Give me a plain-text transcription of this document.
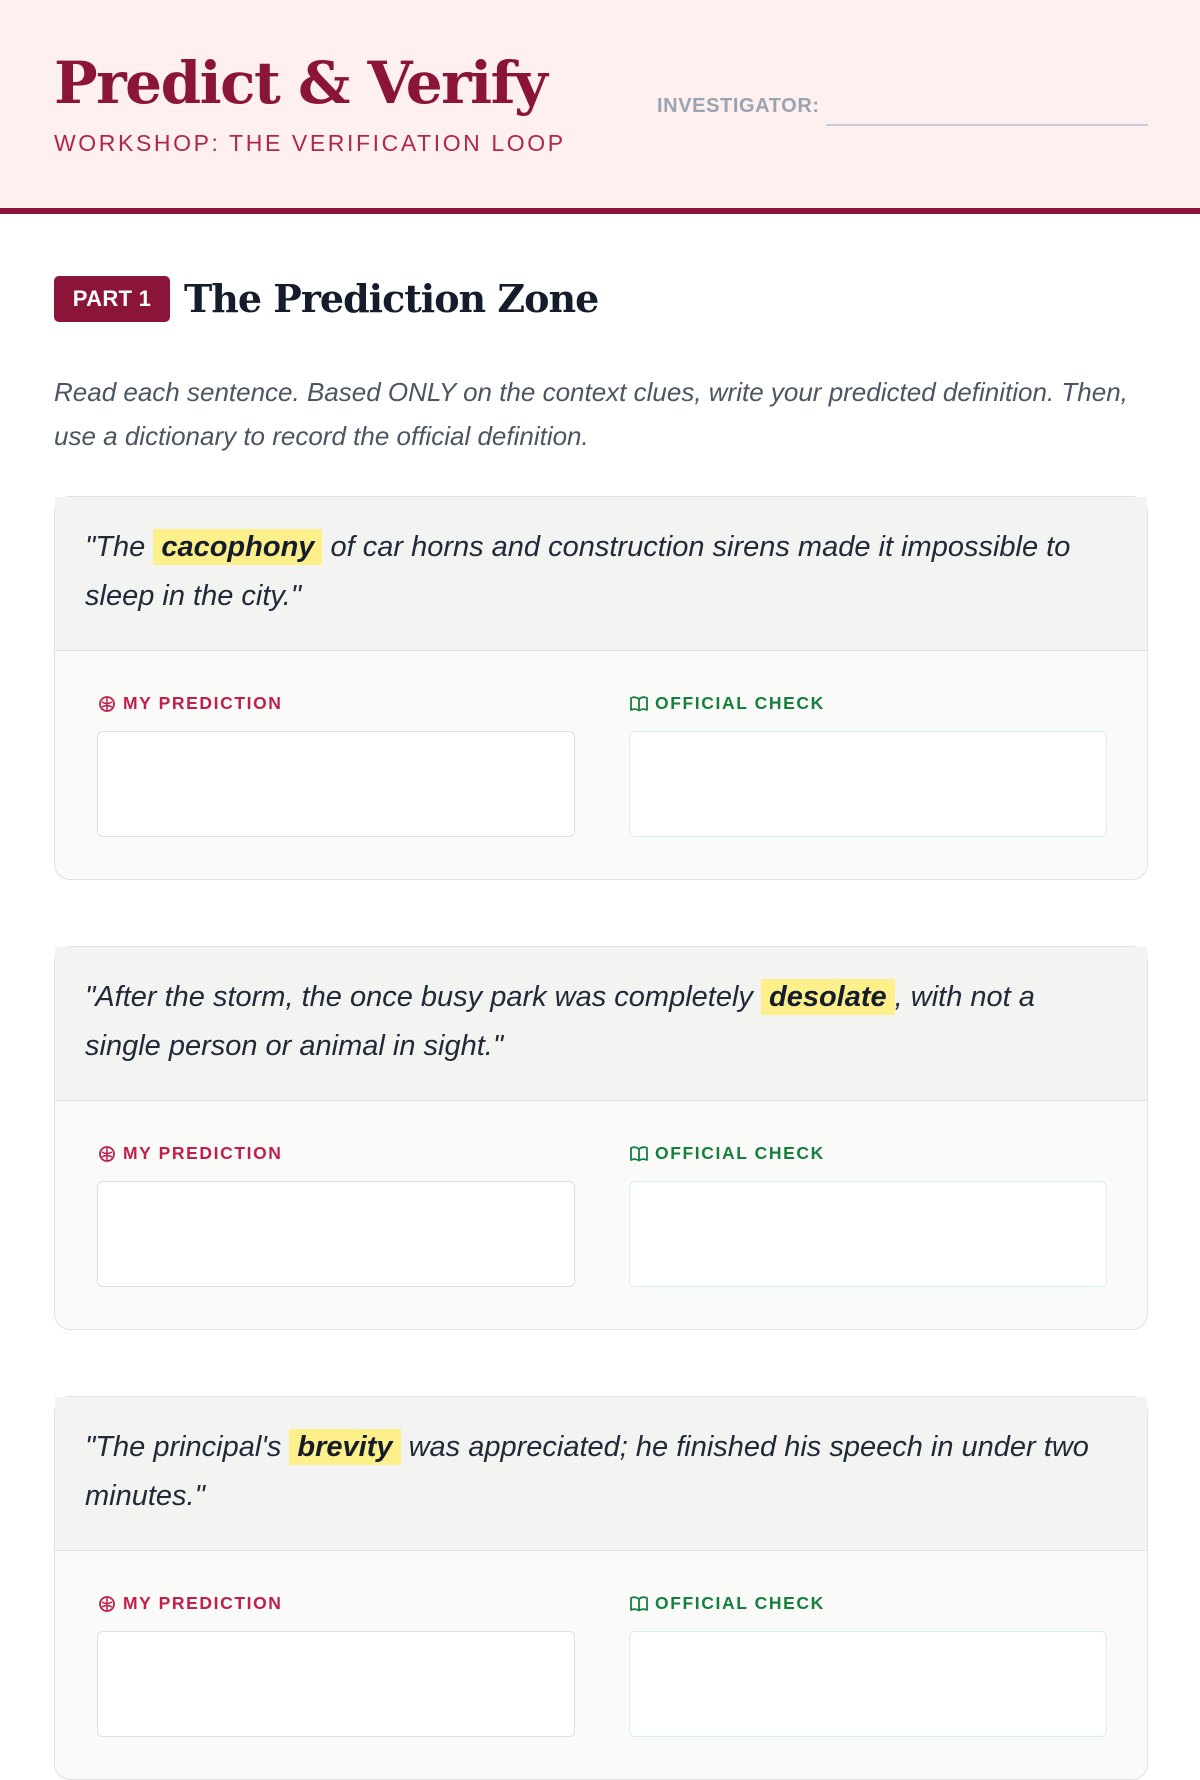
Predict & Verify
WORKSHOP: THE VERIFICATION LOOP
INVESTIGATOR:
PART 1 The Prediction Zone
Read each sentence. Based ONLY on the context clues, write your predicted definition. Then, use a dictionary to record the official definition.
"The cacophony of car horns and construction sirens made it impossible to sleep in the city."
MY PREDICTION	OFFICIAL CHECK
"After the storm, the once busy park was completely desolate , with not a single person or animal in sight."
MY PREDICTION	OFFICIAL CHECK
"The principal's brevity was appreciated; he finished his speech in under two minutes."
MY PREDICTION	OFFICIAL CHECK
